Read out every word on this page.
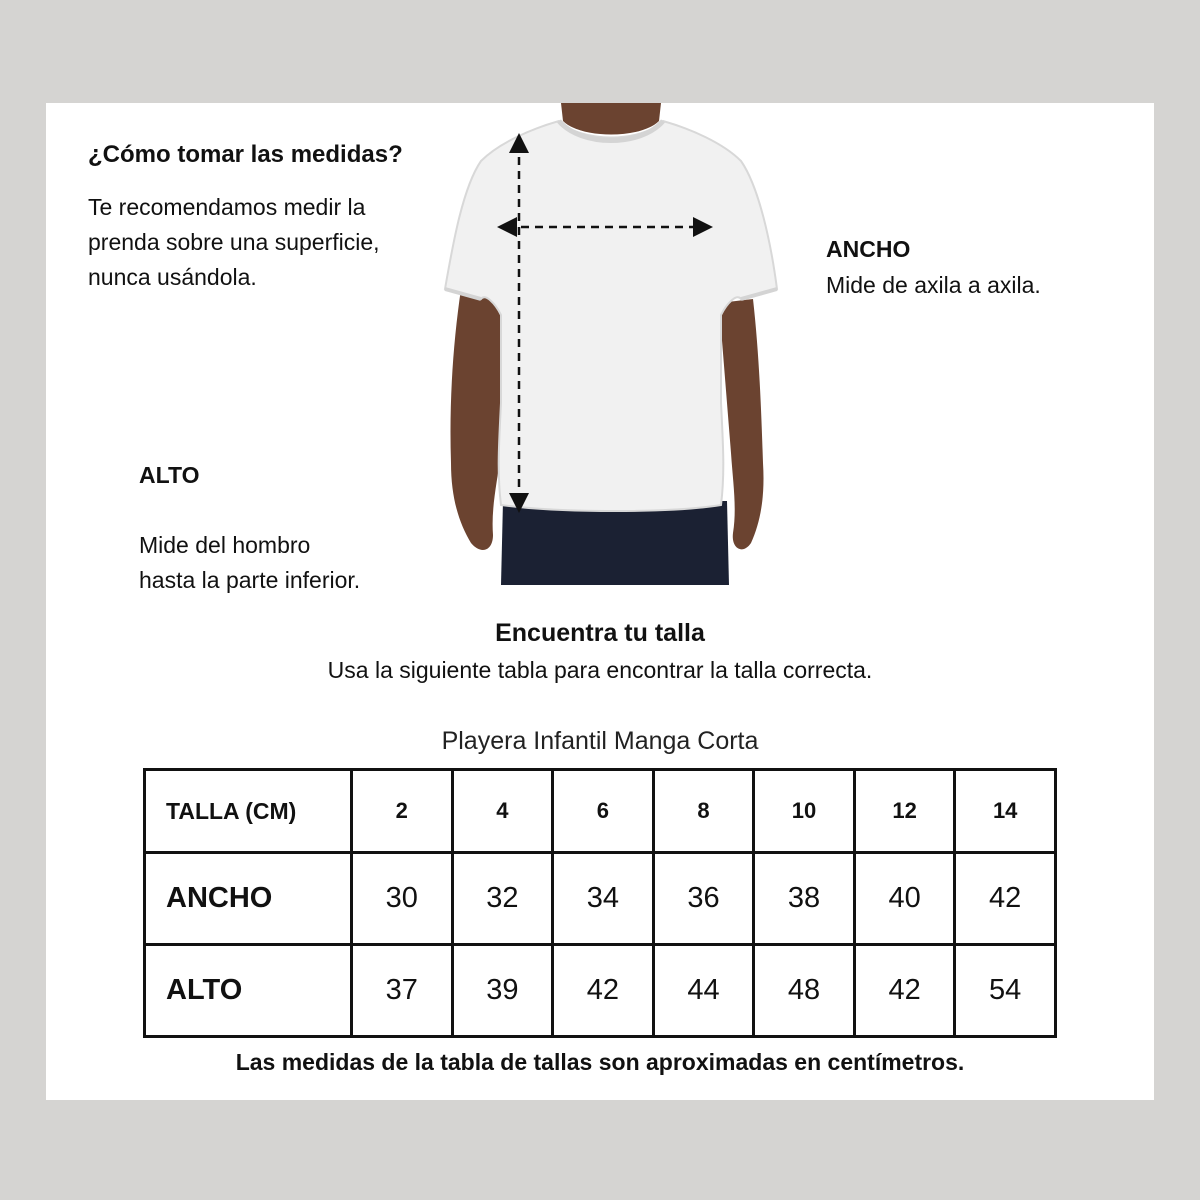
¿Cómo tomar las medidas?
Te recomendamos medir la
prenda sobre una superficie,
nunca usándola.
ANCHO
Mide de axila a axila.

ALTO

Mide del hombro
hasta la parte inferior.

Encuentra tu talla
Usa la siguiente tabla para encontrar la talla correcta.
Playera Infantil Manga Corta
TALLA (CM)	2	4	6	8	10	12	14
ANCHO	30	32	34	36	38	40	42
ALTO	37	39	42	44	48	42	54
Las medidas de la tabla de tallas son aproximadas en centímetros.
